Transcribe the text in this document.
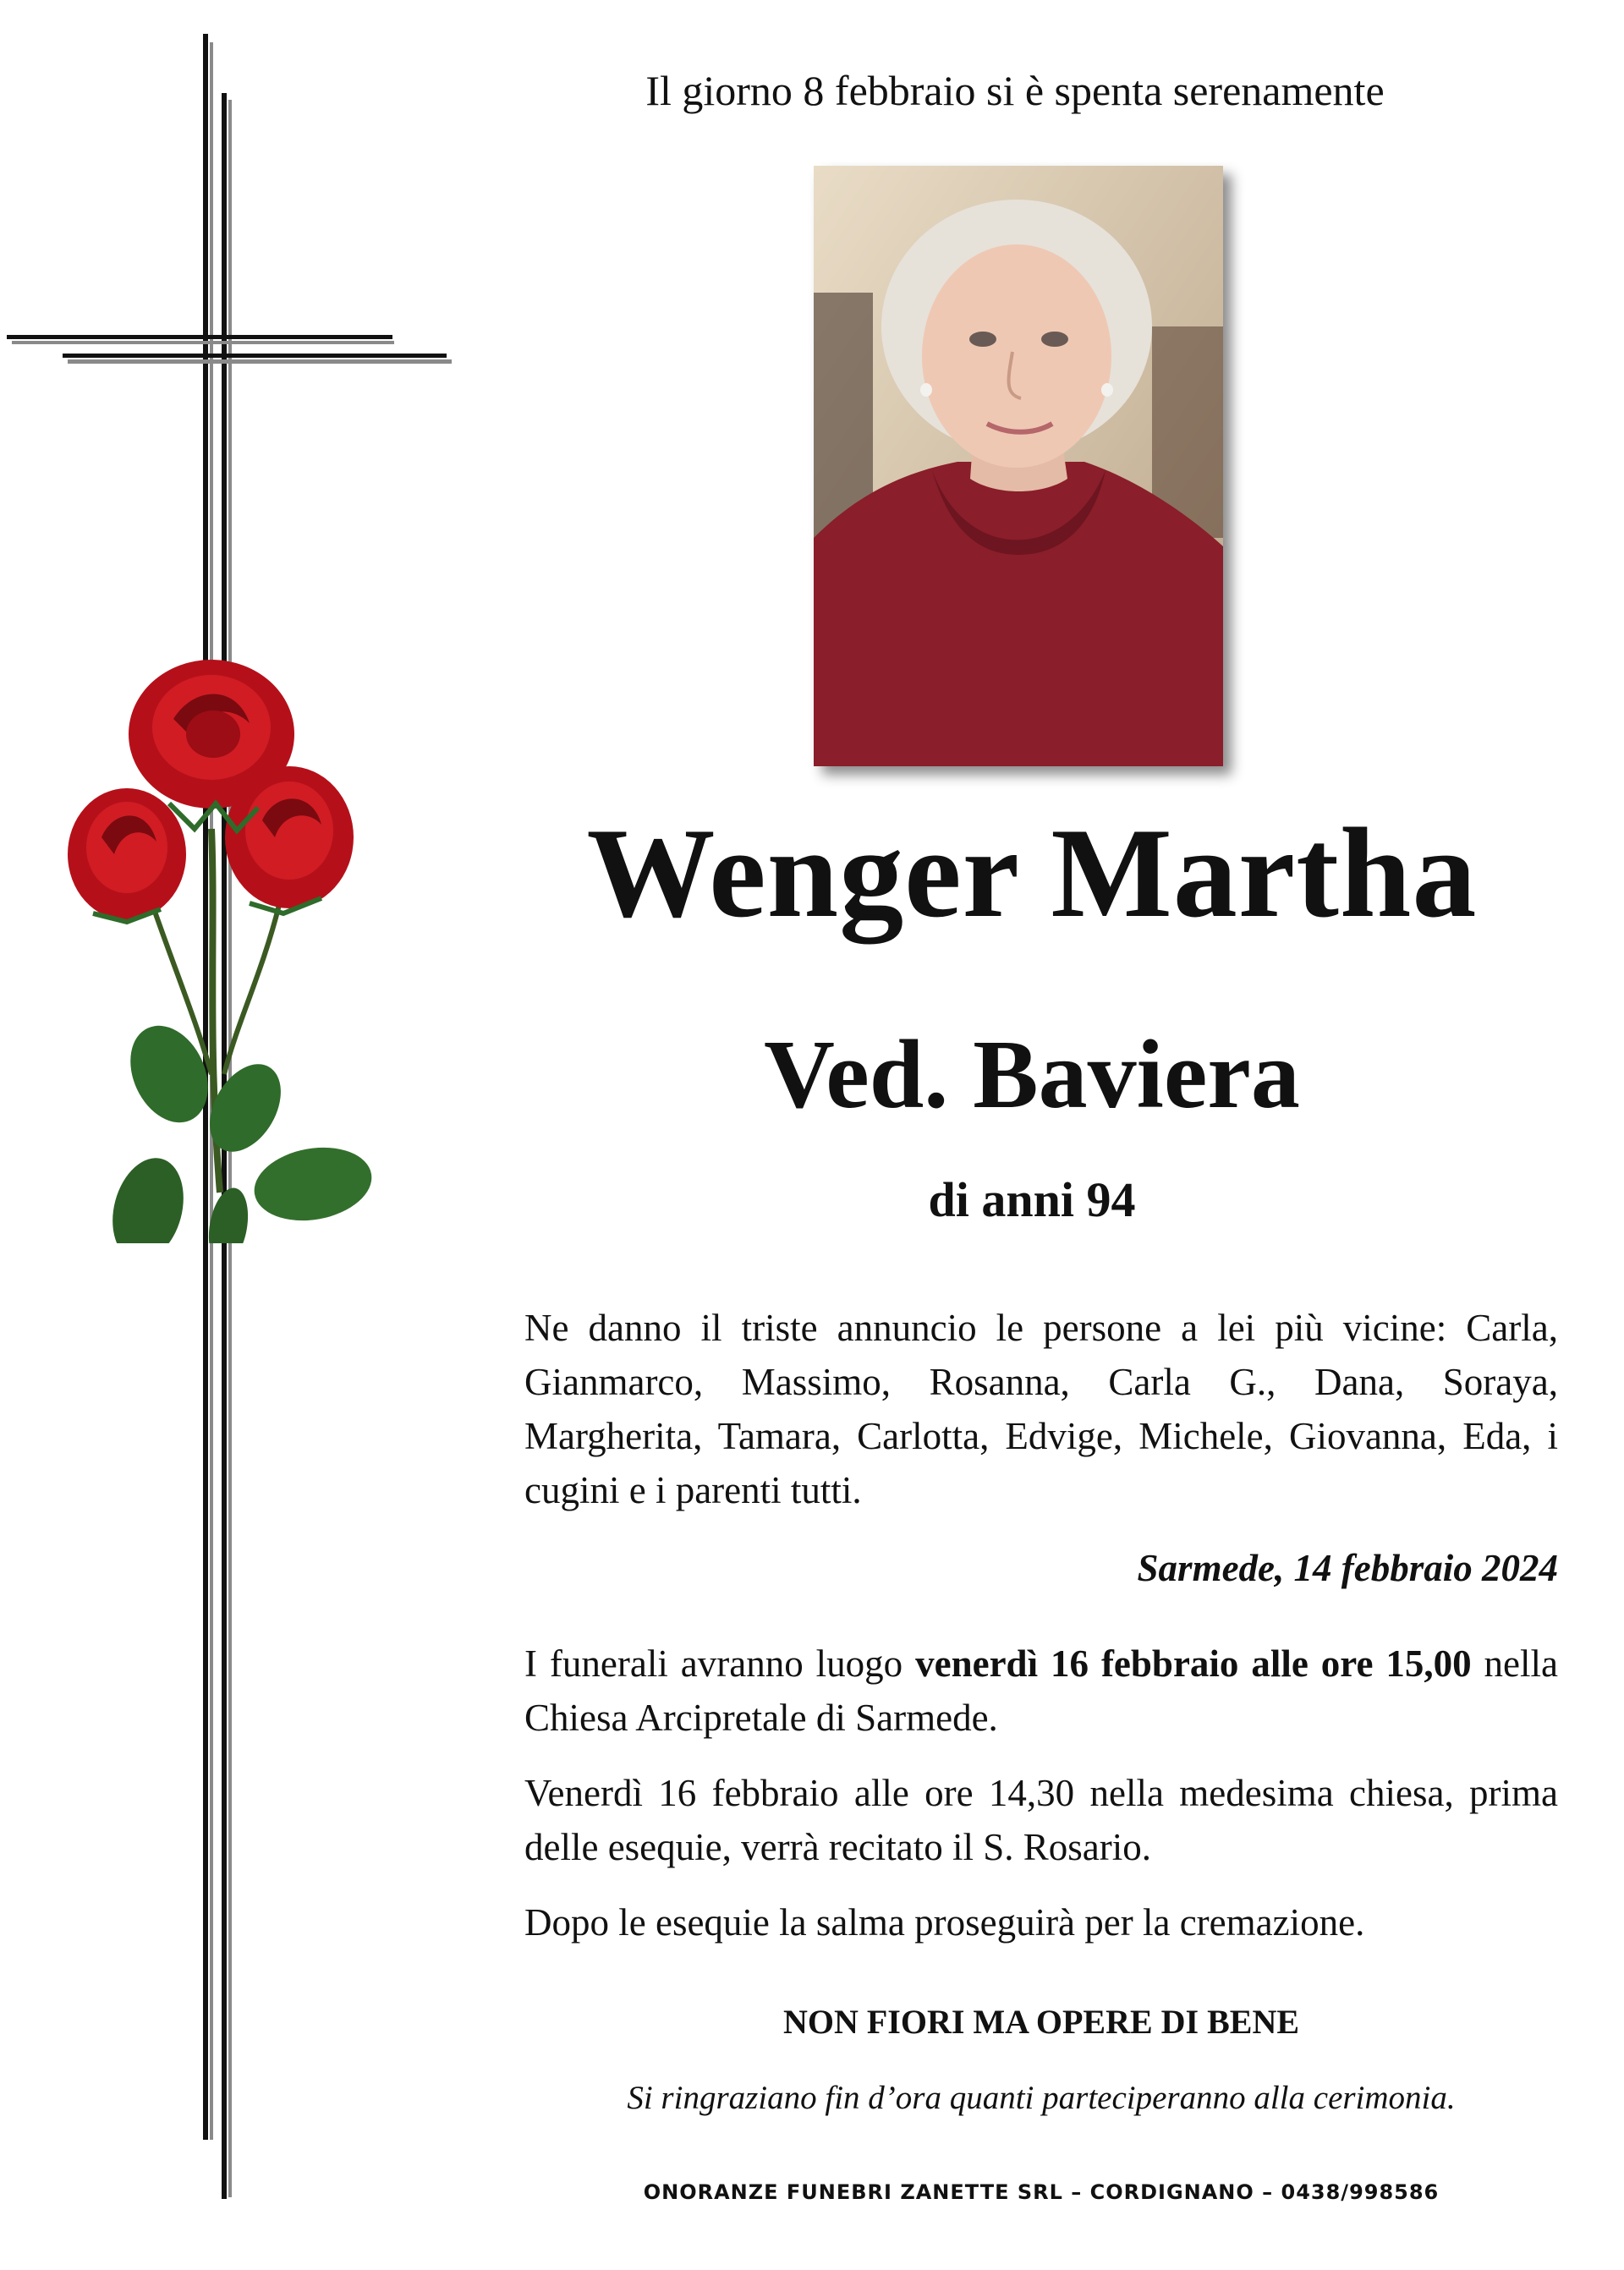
Il giorno 8 febbraio si è spenta serenamente
Wenger Martha
Ved. Baviera
di anni 94
Ne danno il triste annuncio le persone a lei più vicine: Carla, Gianmarco, Massimo, Rosanna, Carla G., Dana, Soraya, Margherita, Tamara, Carlotta, Edvige, Michele, Giovanna, Eda, i cugini e i parenti tutti.
Sarmede, 14 febbraio 2024
I funerali avranno luogo venerdì 16 febbraio alle ore 15,00 nella Chiesa Arcipretale di Sarmede.
Venerdì 16 febbraio alle ore 14,30 nella medesima chiesa, prima delle esequie, verrà recitato il S. Rosario.
Dopo le esequie la salma proseguirà per la cremazione.
NON FIORI MA OPERE DI BENE
Si ringraziano fin d’ora quanti parteciperanno alla cerimonia.
ONORANZE FUNEBRI ZANETTE SRL – CORDIGNANO – 0438/998586
